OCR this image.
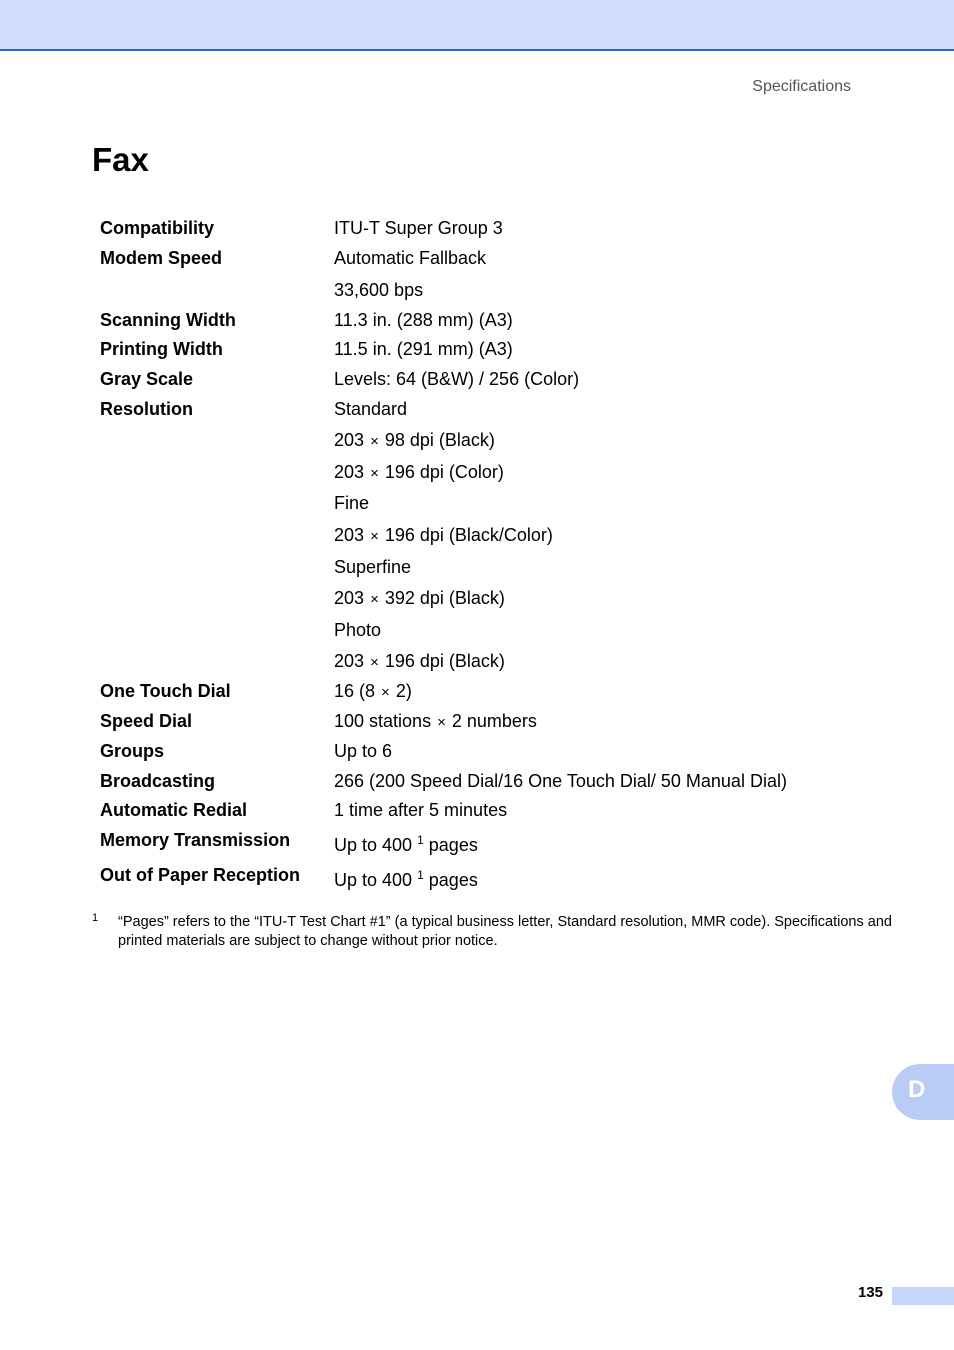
Specifications
Fax
Compatibility	ITU-T Super Group 3
Modem Speed	Automatic Fallback
33,600 bps
Scanning Width	11.3 in. (288 mm) (A3)
Printing Width	11.5 in. (291 mm) (A3)
Gray Scale	Levels: 64 (B&W) / 256 (Color)
Resolution	Standard
203 × 98 dpi (Black)
203 × 196 dpi (Color)
Fine
203 × 196 dpi (Black/Color)
Superfine
203 × 392 dpi (Black)
Photo
203 × 196 dpi (Black)
One Touch Dial	16 (8 × 2)
Speed Dial	100 stations × 2 numbers
Groups	Up to 6
Broadcasting	266 (200 Speed Dial/16 One Touch Dial/ 50 Manual Dial)
Automatic Redial	1 time after 5 minutes
Memory Transmission Up to 400 $^1$ pages
Out of Paper Reception Up to 400 $^1$ pages
1 “Pages” refers to the “ITU-T Test Chart #1” (a typical business letter, Standard resolution, MMR code). Specifications and printed materials are subject to change without prior notice.
D
135
